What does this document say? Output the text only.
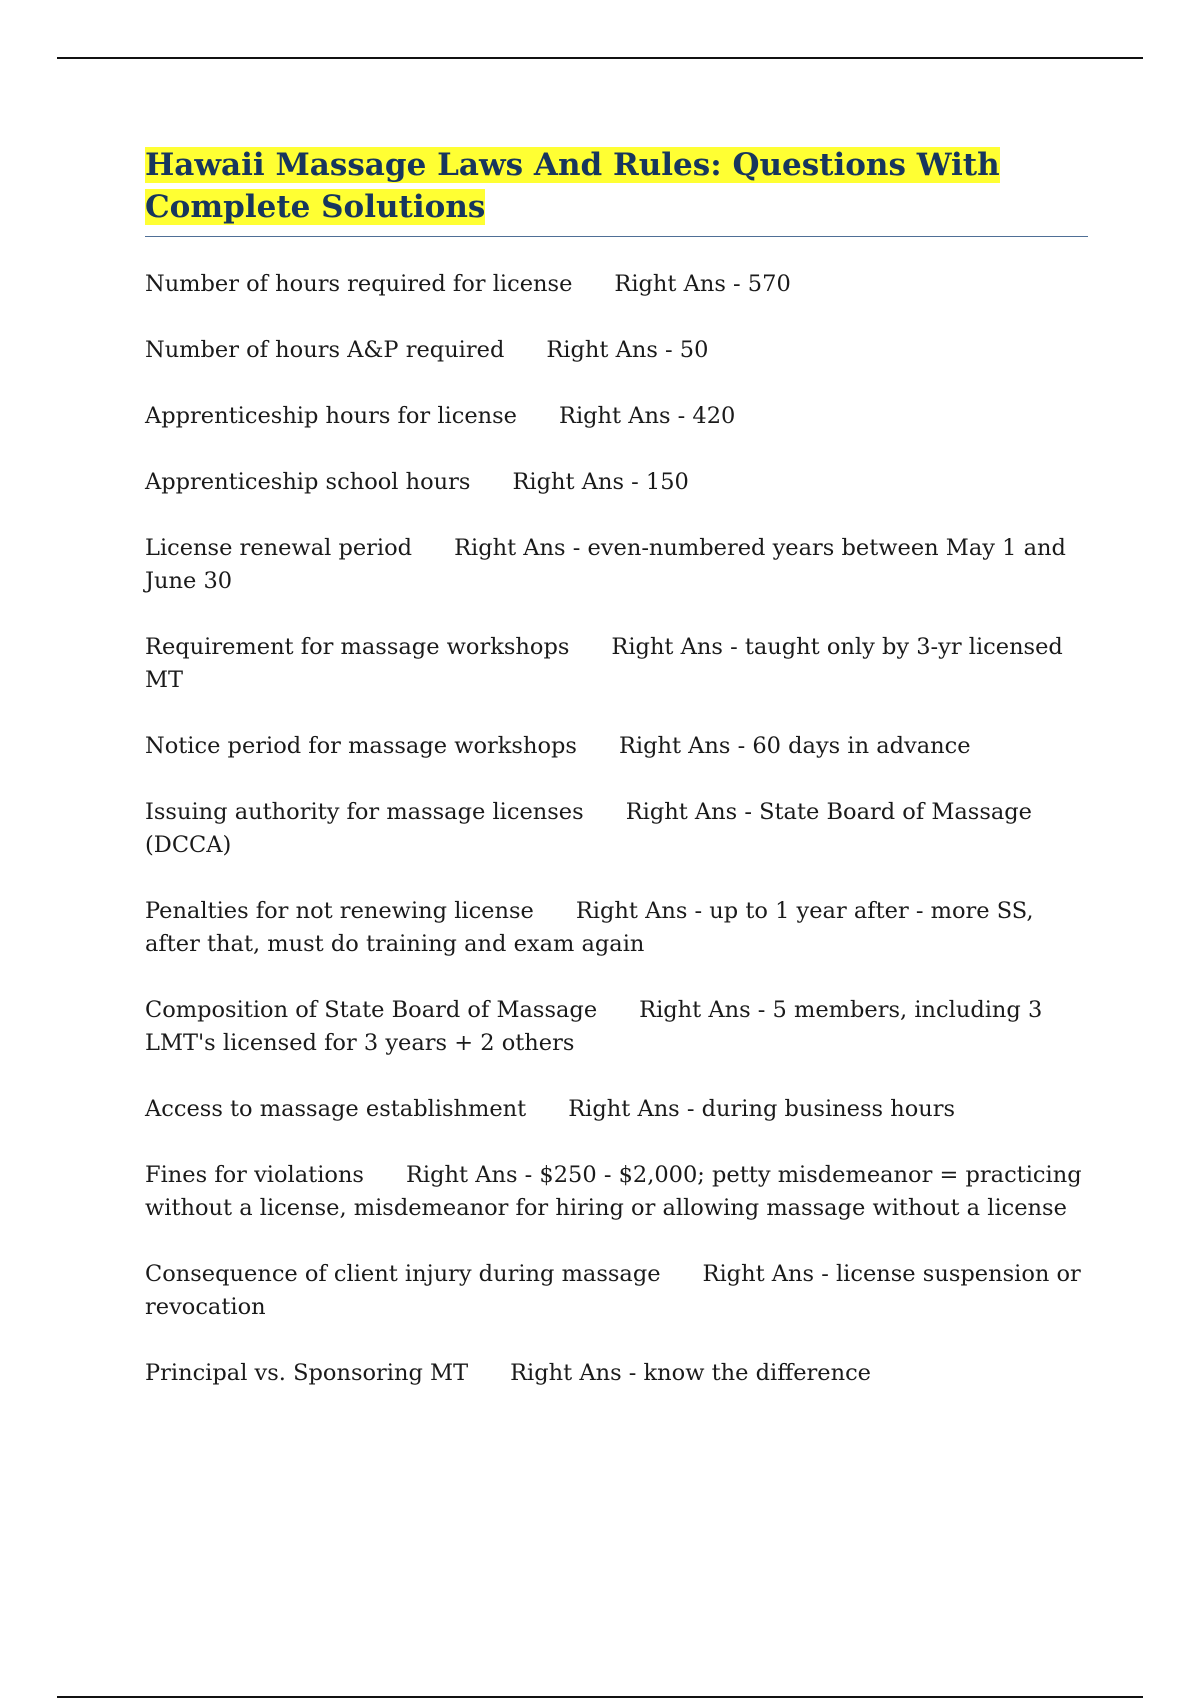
Hawaii Massage Laws And Rules: Questions With Complete Solutions
Number of hours required for license Right Ans - 570
Number of hours A&P required Right Ans - 50
Apprenticeship hours for license Right Ans - 420
Apprenticeship school hours Right Ans - 150
License renewal period Right Ans - even-numbered years between May 1 and June 30
Requirement for massage workshops Right Ans - taught only by 3-yr licensed MT
Notice period for massage workshops Right Ans - 60 days in advance
Issuing authority for massage licenses Right Ans - State Board of Massage (DCCA)
Penalties for not renewing license Right Ans - up to 1 year after - more SS, after that, must do training and exam again
Composition of State Board of Massage Right Ans - 5 members, including 3 LMT's licensed for 3 years + 2 others
Access to massage establishment Right Ans - during business hours
Fines for violations Right Ans - $250 - $2,000; petty misdemeanor = practicing without a license, misdemeanor for hiring or allowing massage without a license
Consequence of client injury during massage Right Ans - license suspension or revocation
Principal vs. Sponsoring MT Right Ans - know the difference
